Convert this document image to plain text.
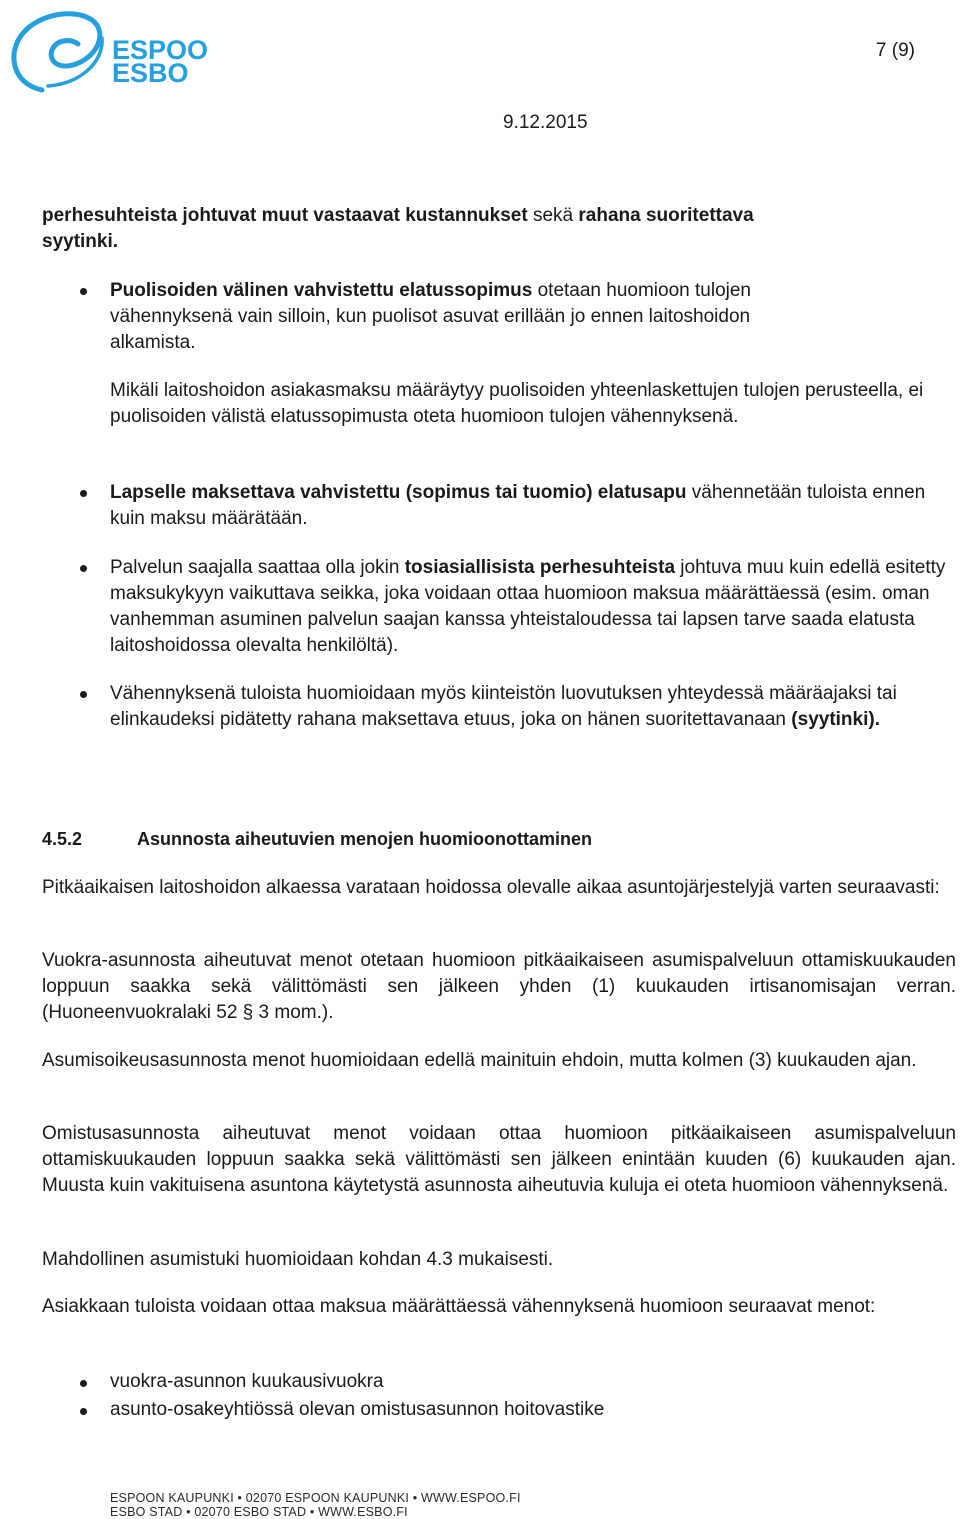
ESPOO
ESBO
7 (9)
9.12.2015
perhesuhteista johtuvat muut vastaavat kustannukset sekä rahana suoritettava
syytinki.
Puolisoiden välinen vahvistettu elatussopimus otetaan huomioon tulojen
vähennyksenä vain silloin, kun puolisot asuvat erillään jo ennen laitoshoidon
alkamista.
Mikäli laitoshoidon asiakasmaksu määräytyy puolisoiden yhteenlaskettujen tulojen perusteella, ei puolisoiden välistä elatussopimusta oteta huomioon tulojen vähennyksenä.
Lapselle maksettava vahvistettu (sopimus tai tuomio) elatusapu vähennetään tuloista ennen kuin maksu määrätään.
Palvelun saajalla saattaa olla jokin tosiasiallisista perhesuhteista johtuva muu kuin edellä esitetty maksukykyyn vaikuttava seikka, joka voidaan ottaa huomioon maksua määrättäessä (esim. oman vanhemman asuminen palvelun saajan kanssa yhteistaloudessa tai lapsen tarve saada elatusta laitoshoidossa olevalta henkilöltä).
Vähennyksenä tuloista huomioidaan myös kiinteistön luovutuksen yhteydessä määräajaksi tai elinkaudeksi pidätetty rahana maksettava etuus, joka on hänen suoritettavanaan (syytinki).
4.5.2	Asunnosta aiheutuvien menojen huomioonottaminen
Pitkäaikaisen laitoshoidon alkaessa varataan hoidossa olevalle aikaa asuntojärjestelyjä varten seuraavasti:
Vuokra-asunnosta aiheutuvat menot otetaan huomioon pitkäaikaiseen asumispalveluun ottamiskuukauden loppuun saakka sekä välittömästi sen jälkeen yhden (1) kuukauden irtisanomisajan verran. (Huoneenvuokralaki 52 § 3 mom.).
Asumisoikeusasunnosta menot huomioidaan edellä mainituin ehdoin, mutta kolmen (3) kuukauden ajan.
Omistusasunnosta aiheutuvat menot voidaan ottaa huomioon pitkäaikaiseen asumispalveluun ottamiskuukauden loppuun saakka sekä välittömästi sen jälkeen enintään kuuden (6) kuukauden ajan. Muusta kuin vakituisena asuntona käytetystä asunnosta aiheutuvia kuluja ei oteta huomioon vähennyksenä.
Mahdollinen asumistuki huomioidaan kohdan 4.3 mukaisesti.
Asiakkaan tuloista voidaan ottaa maksua määrättäessä vähennyksenä huomioon seuraavat menot:
vuokra-asunnon kuukausivuokra
asunto-osakeyhtiössä olevan omistusasunnon hoitovastike
ESPOON KAUPUNKI • 02070 ESPOON KAUPUNKI • WWW.ESPOO.FI
ESBO STAD • 02070 ESBO STAD • WWW.ESBO.FI
